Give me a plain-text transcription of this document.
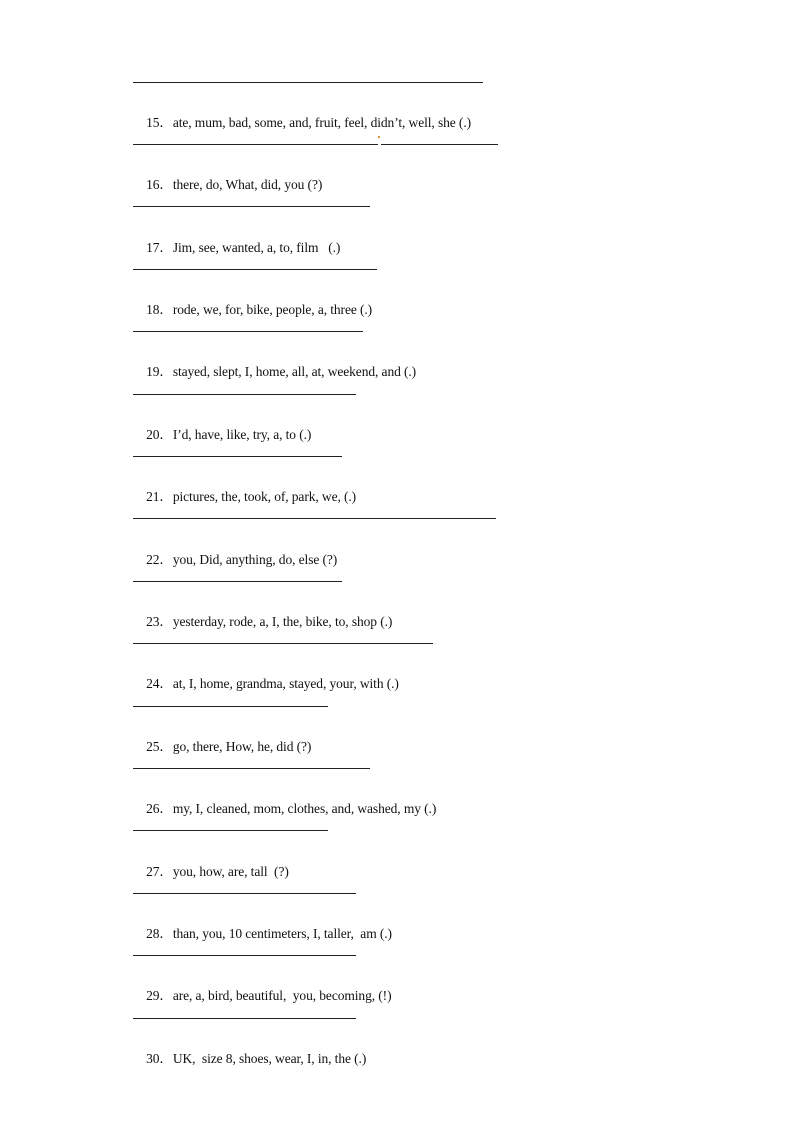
15．ate, mum, bad, some, and, fruit, feel, didn’t, well, she (.)

16．there, do, What, did, you (?)

17．Jim, see, wanted, a, to, film   (.)

18．rode, we, for, bike, people, a, three (.)

19．stayed, slept, I, home, all, at, weekend, and (.)

20．I’d, have, like, try, a, to (.)

21．pictures, the, took, of, park, we, (.)

22．you, Did, anything, do, else (?)

23．yesterday, rode, a, I, the, bike, to, shop (.)

24．at, I, home, grandma, stayed, your, with (.)

25．go, there, How, he, did (?)

26．my, I, cleaned, mom, clothes, and, washed, my (.)

27．you, how, are, tall  (?)

28．than, you, 10 centimeters, I, taller,  am (.)

29．are, a, bird, beautiful,  you, becoming, (!)

30．UK,  size 8, shoes, wear, I, in, the (.)
